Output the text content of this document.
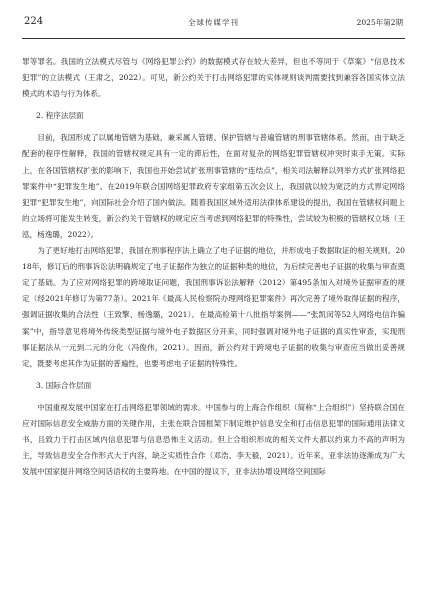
224	全球传媒学刊	2025年第2期

罪等罪名。我国的立法模式尽管与《网络犯罪公约》的数据模式存在较大差异，但也不等同于《草案》“信息技术犯罪”的立法模式（王肃之，2022）。可见，新公约关于打击网络犯罪的实体规则谈判需要找到兼容各国实体立法模式的术语与行为体系。

2. 程序法层面

目前，我国形成了以属地管辖为基础，兼采属人管辖、保护管辖与普遍管辖的刑事管辖体系。然而，由于缺乏配套的程序性解释，我国的管辖权规定具有一定的滞后性，在面对复杂的网络犯罪管辖权冲突时束手无策。实际上，在各国管辖权扩张的影响下，我国也开始尝试扩张刑事管辖的“连结点”，相关司法解释以列举方式扩张网络犯罪案件中“犯罪发生地”。在2019年联合国网络犯罪政府专家组第五次会议上，我国就以较为宽泛的方式界定网络犯罪“犯罪发生地”，向国际社会介绍了国内做法。随着我国区域外适用法律体系建设的提出，我国在管辖权问题上的立场将可能发生转变，新公约关于管辖权的规定应当考虑到网络犯罪的特殊性，尝试较为积极的管辖权立场（王泓，杨逸璐，2022）。

为了更好地打击网络犯罪，我国在刑事程序法上确立了电子证据的地位，并形成电子数据取证的相关规则。2018年，修订后的刑事诉讼法明确规定了电子证据作为独立的证据种类的地位，为后续完善电子证据的收集与审查奠定了基础。为了应对网络犯罪的跨境取证问题，我国刑事诉讼法解释（2012）第495条加入对境外证据审查的规定（经2021年修订为第77条）。2021年《最高人民检察院办理网络犯罪案件》再次完善了境外取得证据的程序，强调证据收集的合法性（王致擎、杨逸璐，2021）。在最高检第十八批指导案例——“张凯闵等52人网络电信诈骗案”中，指导意见将境外传统类型证据与境外电子数据区分开来，同时强调对境外电子证据的真实性审查，实现刑事证据法从一元到二元的分化（冯俊伟，2021）。因而，新公约对于跨境电子证据的收集与审查应当做出妥善规定，既要考虑其作为证据的普遍性，也要考虑电子证据的特殊性。

3. 国际合作层面

中国重视发展中国家在打击网络犯罪领域的需求。中国参与的上海合作组织（简称“上合组织”）坚持联合国在应对国际信息安全威胁方面的关键作用，主张在联合国框架下制定维护信息安全和打击信息犯罪的国际通用法律文书，且致力于打击区域内信息犯罪与信息恐怖主义活动。但上合组织形成的相关文件大都以约束力不高的声明为主，导致信息安全合作形式大于内容，缺乏实质性合作（邓浩、李天毅，2021）。近年来，亚非法协逐渐成为广大发展中国家提升网络空间话语权的主要阵地。在中国的提议下，亚非法协增设网络空间国际
